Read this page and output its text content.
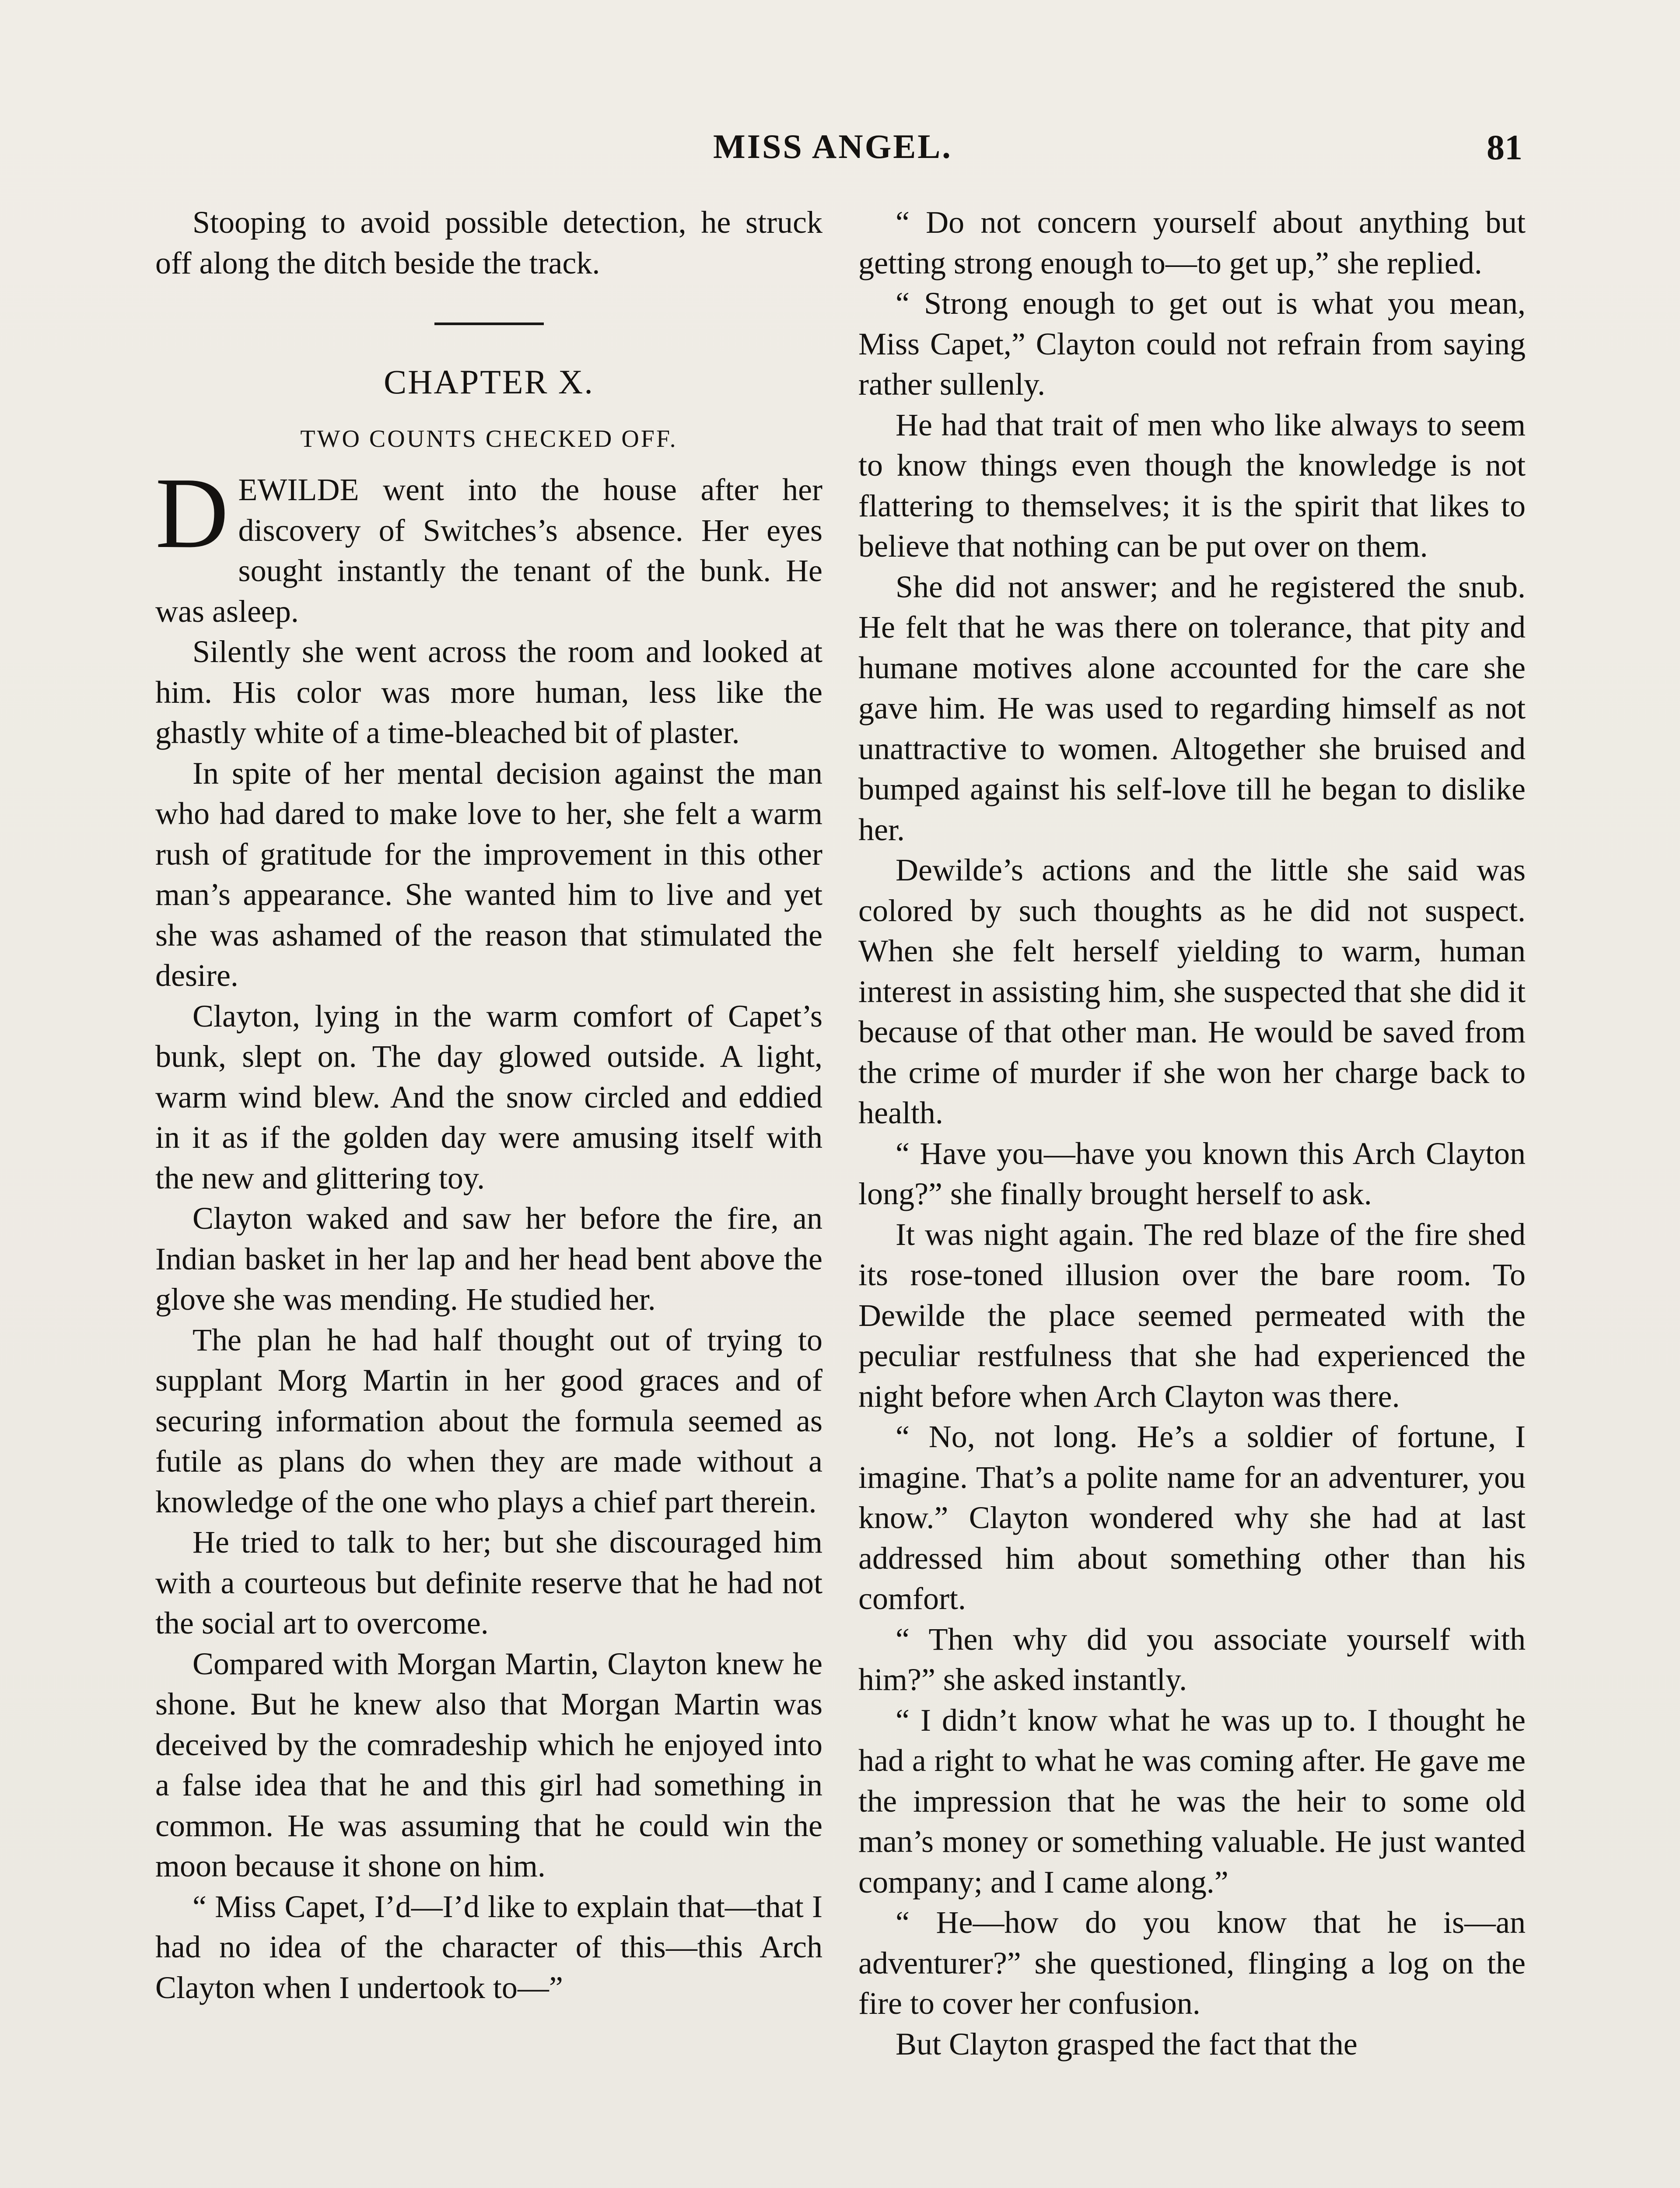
MISS ANGEL.	81

Stooping to avoid possible detection, he struck off along the ditch beside the track.

CHAPTER X.
TWO COUNTS CHECKED OFF.

DEWILDE went into the house after her discovery of Switches’s absence. Her eyes sought instantly the tenant of the bunk. He was asleep.

Silently she went across the room and looked at him. His color was more human, less like the ghastly white of a time-bleached bit of plaster.

In spite of her mental decision against the man who had dared to make love to her, she felt a warm rush of gratitude for the improvement in this other man’s appearance. She wanted him to live and yet she was ashamed of the reason that stimulated the desire.

Clayton, lying in the warm comfort of Capet’s bunk, slept on. The day glowed outside. A light, warm wind blew. And the snow circled and eddied in it as if the golden day were amusing itself with the new and glittering toy.

Clayton waked and saw her before the fire, an Indian basket in her lap and her head bent above the glove she was mending. He studied her.

The plan he had half thought out of trying to supplant Morg Martin in her good graces and of securing information about the formula seemed as futile as plans do when they are made without a knowledge of the one who plays a chief part therein.

He tried to talk to her; but she discouraged him with a courteous but definite reserve that he had not the social art to overcome.

Compared with Morgan Martin, Clayton knew he shone. But he knew also that Morgan Martin was deceived by the comradeship which he enjoyed into a false idea that he and this girl had something in common. He was assuming that he could win the moon because it shone on him.

“ Miss Capet, I’d—I’d like to explain that—that I had no idea of the character of this—this Arch Clayton when I undertook to—”

“ Do not concern yourself about anything but getting strong enough to—to get up,” she replied.

“ Strong enough to get out is what you mean, Miss Capet,” Clayton could not refrain from saying rather sullenly.

He had that trait of men who like always to seem to know things even though the knowledge is not flattering to themselves; it is the spirit that likes to believe that nothing can be put over on them.

She did not answer; and he registered the snub. He felt that he was there on tolerance, that pity and humane motives alone accounted for the care she gave him. He was used to regarding himself as not unattractive to women. Altogether she bruised and bumped against his self-love till he began to dislike her.

Dewilde’s actions and the little she said was colored by such thoughts as he did not suspect. When she felt herself yielding to warm, human interest in assisting him, she suspected that she did it because of that other man. He would be saved from the crime of murder if she won her charge back to health.

“ Have you—have you known this Arch Clayton long?” she finally brought herself to ask.

It was night again. The red blaze of the fire shed its rose-toned illusion over the bare room. To Dewilde the place seemed permeated with the peculiar restfulness that she had experienced the night before when Arch Clayton was there.

“ No, not long. He’s a soldier of fortune, I imagine. That’s a polite name for an adventurer, you know.” Clayton wondered why she had at last addressed him about something other than his comfort.

“ Then why did you associate yourself with him?” she asked instantly.

“ I didn’t know what he was up to. I thought he had a right to what he was coming after. He gave me the impression that he was the heir to some old man’s money or something valuable. He just wanted company; and I came along.”

“ He—how do you know that he is—an adventurer?” she questioned, flinging a log on the fire to cover her confusion.

But Clayton grasped the fact that the
